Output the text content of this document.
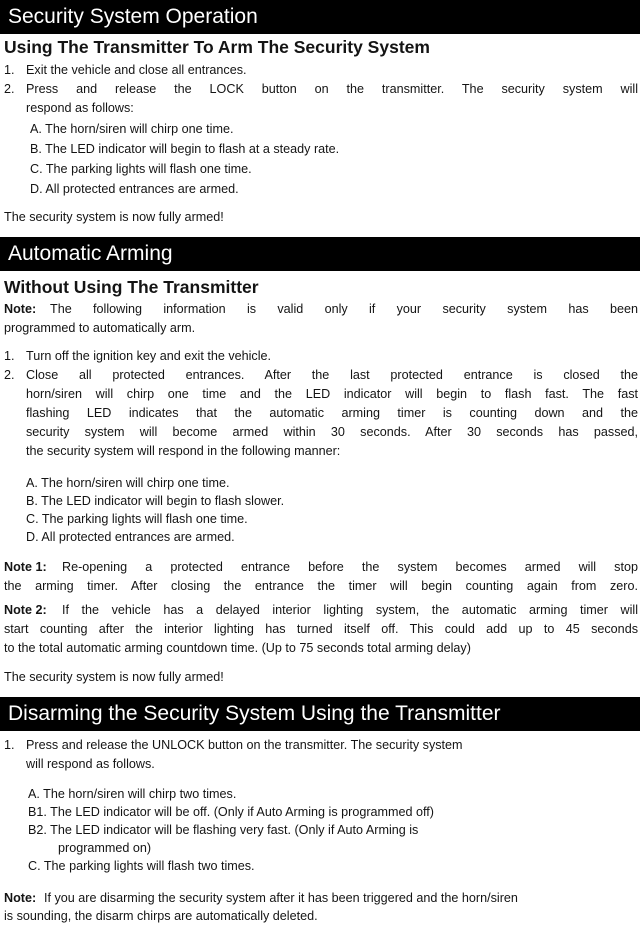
Security System Operation
Using The Transmitter To Arm The Security System
1. Exit the vehicle and close all entrances.
2. Press and release the LOCK button on the transmitter. The security system will
respond as follows:
A. The horn/siren will chirp one time.
B. The LED indicator will begin to flash at a steady rate.
C. The parking lights will flash one time.
D. All protected entrances are armed.
The security system is now fully armed!
Automatic Arming
Without Using The Transmitter
Note: The following information is valid only if your security system has been
programmed to automatically arm.
1. Turn off the ignition key and exit the vehicle.
2. Close all protected entrances. After the last protected entrance is closed the
horn/siren will chirp one time and the LED indicator will begin to flash fast. The fast
flashing LED indicates that the automatic arming timer is counting down and the
security system will become armed within 30 seconds. After 30 seconds has passed,
the security system will respond in the following manner:
A. The horn/siren will chirp one time.
B. The LED indicator will begin to flash slower.
C. The parking lights will flash one time.
D. All protected entrances are armed.
Note 1: Re-opening a protected entrance before the system becomes armed will stop
the arming timer. After closing the entrance the timer will begin counting again from zero.
Note 2: If the vehicle has a delayed interior lighting system, the automatic arming timer will
start counting after the interior lighting has turned itself off. This could add up to 45 seconds
to the total automatic arming countdown time. (Up to 75 seconds total arming delay)
The security system is now fully armed!
Disarming the Security System Using the Transmitter
1. Press and release the UNLOCK button on the transmitter. The security system
will respond as follows.
A. The horn/siren will chirp two times.
B1. The LED indicator will be off. (Only if Auto Arming is programmed off)
B2. The LED indicator will be flashing very fast. (Only if Auto Arming is
programmed on)
C. The parking lights will flash two times.
Note: If you are disarming the security system after it has been triggered and the horn/siren
is sounding, the disarm chirps are automatically deleted.
